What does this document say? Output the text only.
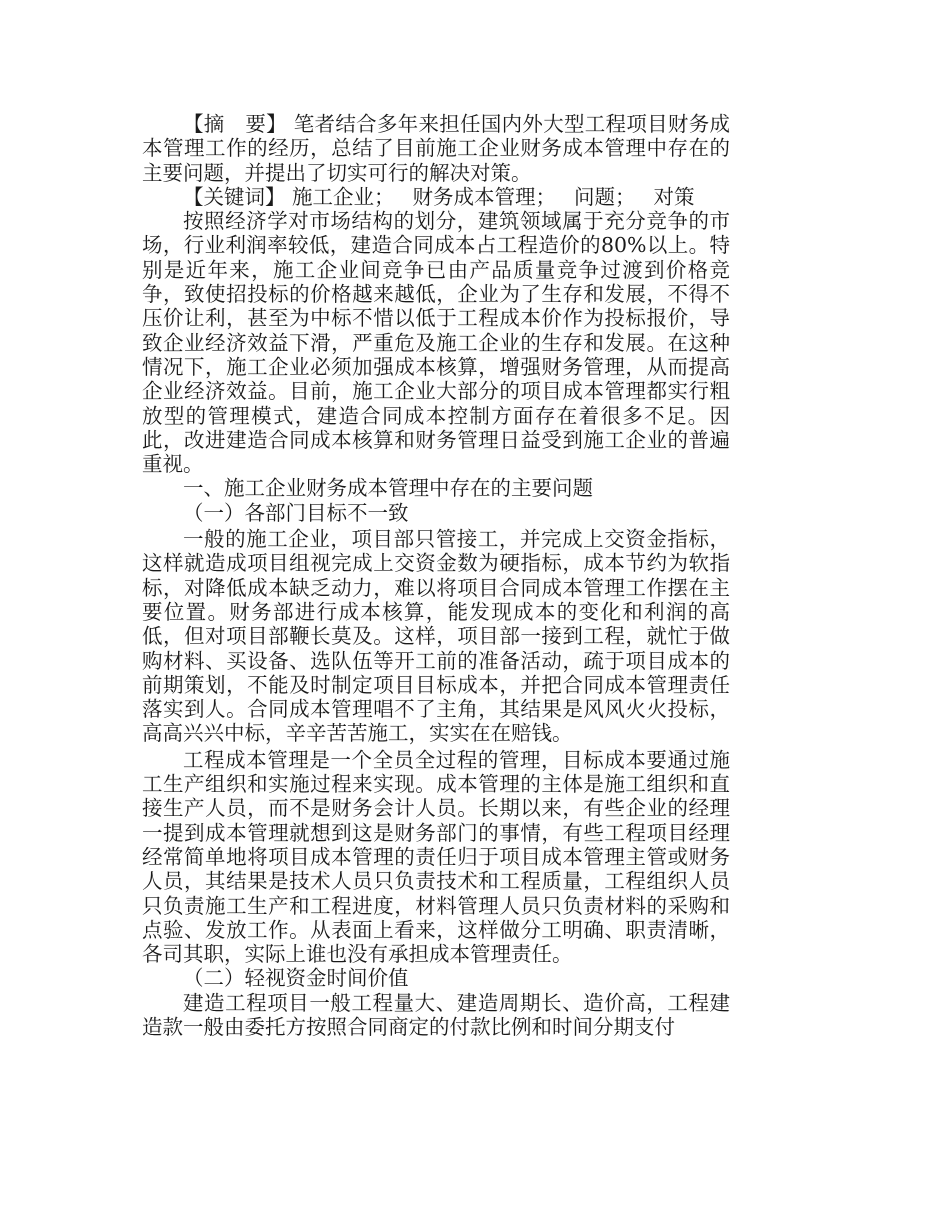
【摘　要】 笔者结合多年来担任国内外大型工程项目财务成本管理工作的经历，总结了目前施工企业财务成本管理中存在的主要问题，并提出了切实可行的解决对策。

【关键词】 施工企业； 财务成本管理； 问题； 对策

按照经济学对市场结构的划分，建筑领域属于充分竞争的市场，行业利润率较低，建造合同成本占工程造价的80%以上。特别是近年来，施工企业间竞争已由产品质量竞争过渡到价格竞争，致使招投标的价格越来越低，企业为了生存和发展，不得不压价让利，甚至为中标不惜以低于工程成本价作为投标报价，导致企业经济效益下滑，严重危及施工企业的生存和发展。在这种情况下，施工企业必须加强成本核算，增强财务管理，从而提高企业经济效益。目前，施工企业大部分的项目成本管理都实行粗放型的管理模式，建造合同成本控制方面存在着很多不足。因此，改进建造合同成本核算和财务管理日益受到施工企业的普遍重视。

一、施工企业财务成本管理中存在的主要问题

（一）各部门目标不一致

一般的施工企业，项目部只管接工，并完成上交资金指标，这样就造成项目组视完成上交资金数为硬指标，成本节约为软指标，对降低成本缺乏动力，难以将项目合同成本管理工作摆在主要位置。财务部进行成本核算，能发现成本的变化和利润的高低，但对项目部鞭长莫及。这样，项目部一接到工程，就忙于做购材料、买设备、选队伍等开工前的准备活动，疏于项目成本的前期策划，不能及时制定项目目标成本，并把合同成本管理责任落实到人。合同成本管理唱不了主角，其结果是风风火火投标，高高兴兴中标，辛辛苦苦施工，实实在在赔钱。

工程成本管理是一个全员全过程的管理，目标成本要通过施工生产组织和实施过程来实现。成本管理的主体是施工组织和直接生产人员，而不是财务会计人员。长期以来，有些企业的经理一提到成本管理就想到这是财务部门的事情，有些工程项目经理经常简单地将项目成本管理的责任归于项目成本管理主管或财务人员，其结果是技术人员只负责技术和工程质量，工程组织人员只负责施工生产和工程进度，材料管理人员只负责材料的采购和点验、发放工作。从表面上看来，这样做分工明确、职责清晰，各司其职，实际上谁也没有承担成本管理责任。

（二）轻视资金时间价值

建造工程项目一般工程量大、建造周期长、造价高，工程建造款一般由委托方按照合同商定的付款比例和时间分期支付
